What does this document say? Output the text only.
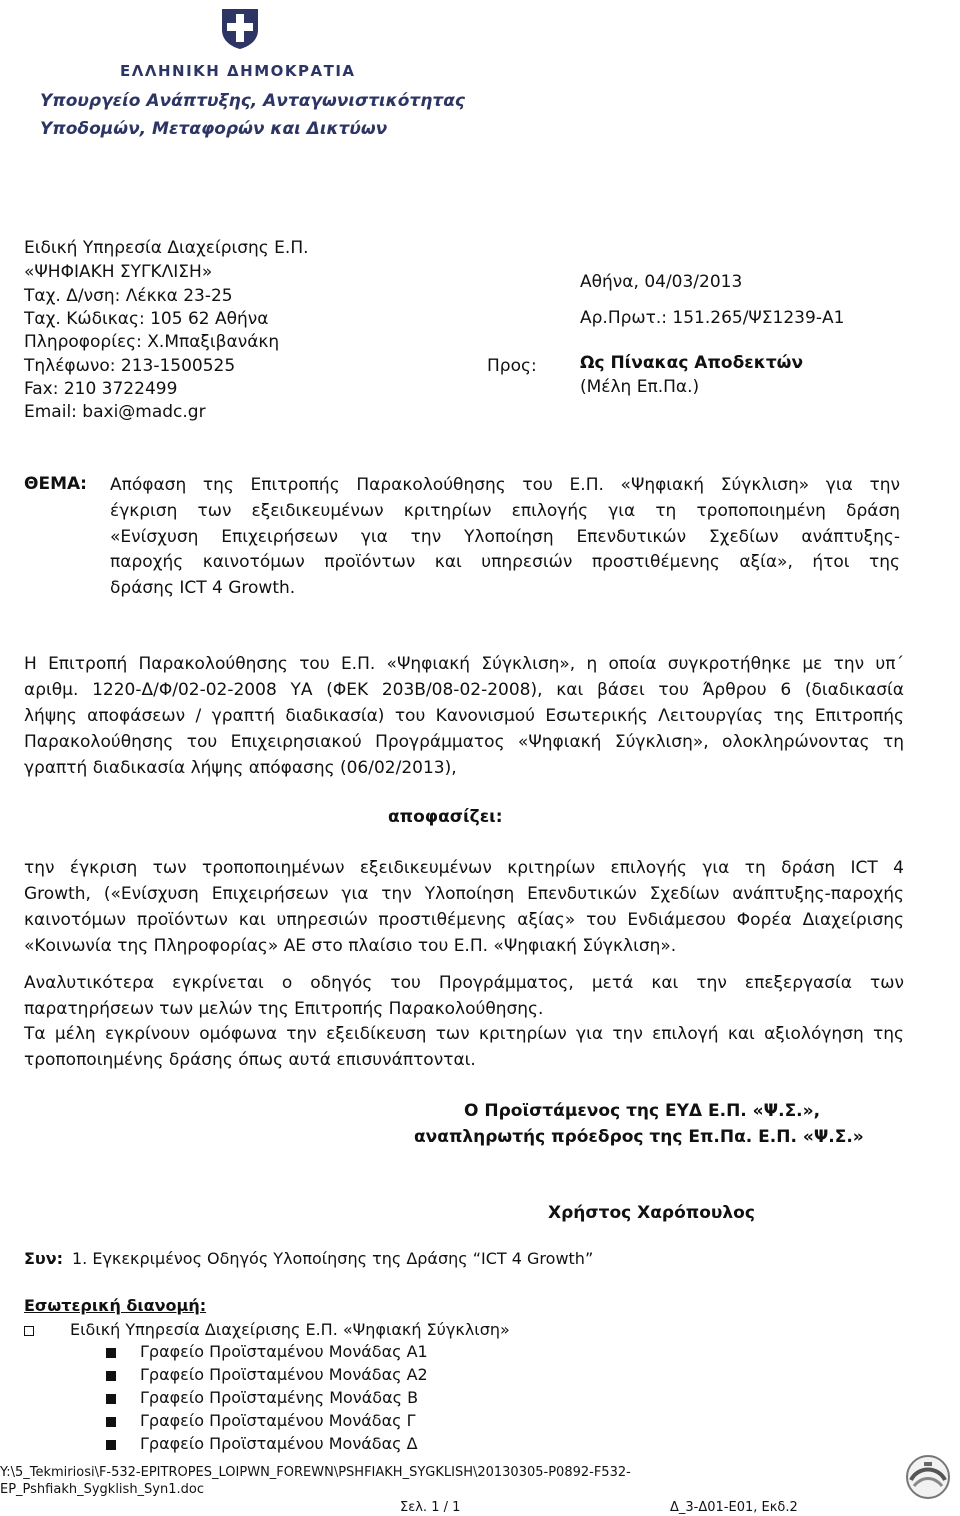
ΕΛΛΗΝΙΚΗ ΔΗΜΟΚΡΑΤΙΑ
Υπουργείο Ανάπτυξης, Ανταγωνιστικότητας
Υποδομών, Μεταφορών και Δικτύων
Ειδική Υπηρεσία Διαχείρισης Ε.Π.
«ΨΗΦΙΑΚΗ ΣΥΓΚΛΙΣΗ»
Ταχ. Δ/νση: Λέκκα 23-25
Ταχ. Κώδικας: 105 62 Αθήνα
Πληροφορίες: Χ.Μπαξιβανάκη
Τηλέφωνο: 213-1500525
Fax: 210 3722499
Email: baxi@madc.gr
Αθήνα, 04/03/2013
Αρ.Πρωτ.: 151.265/ΨΣ1239-Α1
Προς:	Ως Πίνακας Αποδεκτών
(Μέλη Επ.Πα.)
ΘΕΜΑ: Απόφαση της Επιτροπής Παρακολούθησης του Ε.Π. «Ψηφιακή Σύγκλιση» για την
έγκριση των εξειδικευμένων κριτηρίων επιλογής για τη τροποποιημένη δράση
«Ενίσχυση Επιχειρήσεων για την Υλοποίηση Επενδυτικών Σχεδίων ανάπτυξης-
παροχής καινοτόμων προϊόντων και υπηρεσιών προστιθέμενης αξία», ήτοι της
δράσης ICT 4 Growth.
Η Επιτροπή Παρακολούθησης του Ε.Π. «Ψηφιακή Σύγκλιση», η οποία συγκροτήθηκε με την υπ΄
αριθμ. 1220-Δ/Φ/02-02-2008 ΥΑ (ΦΕΚ 203Β/08-02-2008), και βάσει του Άρθρου 6 (διαδικασία
λήψης αποφάσεων / γραπτή διαδικασία) του Κανονισμού Εσωτερικής Λειτουργίας της Επιτροπής
Παρακολούθησης του Επιχειρησιακού Προγράμματος «Ψηφιακή Σύγκλιση», ολοκληρώνοντας τη
γραπτή διαδικασία λήψης απόφασης (06/02/2013),
αποφασίζει:
την έγκριση των τροποποιημένων εξειδικευμένων κριτηρίων επιλογής για τη δράση ICT 4
Growth, («Ενίσχυση Επιχειρήσεων για την Υλοποίηση Επενδυτικών Σχεδίων ανάπτυξης-παροχής
καινοτόμων προϊόντων και υπηρεσιών προστιθέμενης αξίας» του Ενδιάμεσου Φορέα Διαχείρισης
«Κοινωνία της Πληροφορίας» ΑΕ στο πλαίσιο του Ε.Π. «Ψηφιακή Σύγκλιση».
Αναλυτικότερα εγκρίνεται ο οδηγός του Προγράμματος, μετά και την επεξεργασία των
παρατηρήσεων των μελών της Επιτροπής Παρακολούθησης.
Τα μέλη εγκρίνουν ομόφωνα την εξειδίκευση των κριτηρίων για την επιλογή και αξιολόγηση της
τροποποιημένης δράσης όπως αυτά επισυνάπτονται.
Ο Προϊστάμενος της ΕΥΔ Ε.Π. «Ψ.Σ.»,
αναπληρωτής πρόεδρος της Επ.Πα. Ε.Π. «Ψ.Σ.»
Χρήστος Χαρόπουλος
Συν: 1. Εγκεκριμένος Οδηγός Υλοποίησης της Δράσης “ICT 4 Growth”
Εσωτερική διανομή:
Ειδική Υπηρεσία Διαχείρισης Ε.Π. «Ψηφιακή Σύγκλιση»
Γραφείο Προϊσταμένου Μονάδας Α1
Γραφείο Προϊσταμένου Μονάδας Α2
Γραφείο Προϊσταμένης Μονάδας Β
Γραφείο Προϊσταμένου Μονάδας Γ
Γραφείο Προϊσταμένου Μονάδας Δ
Y:\5_Tekmiriosi\F-532-EPITROPES_LOIPWN_FOREWN\PSHFIAKH_SYGKLISH\20130305-P0892-F532-
EP_Pshfiakh_Sygklish_Syn1.doc
Σελ. 1 / 1	Δ_3-Δ01-Ε01, Εκδ.2
